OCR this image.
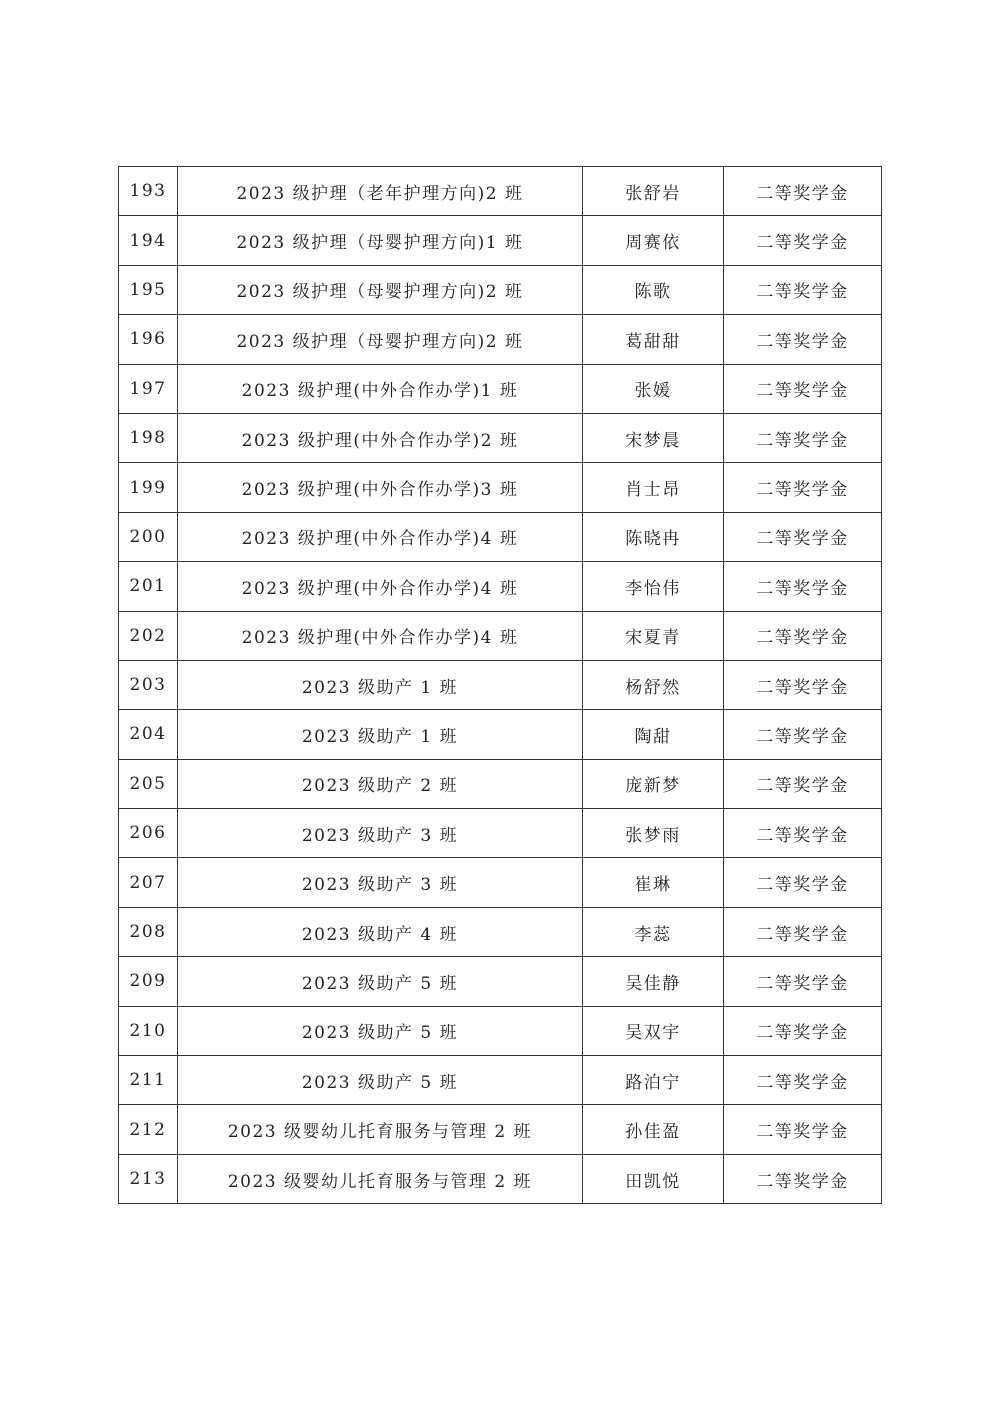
193	2023 级护理（老年护理方向)2 班	张舒岩	二等奖学金
194	2023 级护理（母婴护理方向)1 班	周赛依	二等奖学金
195	2023 级护理（母婴护理方向)2 班	陈歌	二等奖学金
196	2023 级护理（母婴护理方向)2 班	葛甜甜	二等奖学金
197	2023 级护理(中外合作办学)1 班	张媛	二等奖学金
198	2023 级护理(中外合作办学)2 班	宋梦晨	二等奖学金
199	2023 级护理(中外合作办学)3 班	肖士昂	二等奖学金
200	2023 级护理(中外合作办学)4 班	陈晓冉	二等奖学金
201	2023 级护理(中外合作办学)4 班	李怡伟	二等奖学金
202	2023 级护理(中外合作办学)4 班	宋夏青	二等奖学金
203	2023 级助产 1 班	杨舒然	二等奖学金
204	2023 级助产 1 班	陶甜	二等奖学金
205	2023 级助产 2 班	庞新梦	二等奖学金
206	2023 级助产 3 班	张梦雨	二等奖学金
207	2023 级助产 3 班	崔琳	二等奖学金
208	2023 级助产 4 班	李蕊	二等奖学金
209	2023 级助产 5 班	吴佳静	二等奖学金
210	2023 级助产 5 班	吴双宇	二等奖学金
211	2023 级助产 5 班	路泊宁	二等奖学金
212	2023 级婴幼儿托育服务与管理 2 班	孙佳盈	二等奖学金
213	2023 级婴幼儿托育服务与管理 2 班	田凯悦	二等奖学金
